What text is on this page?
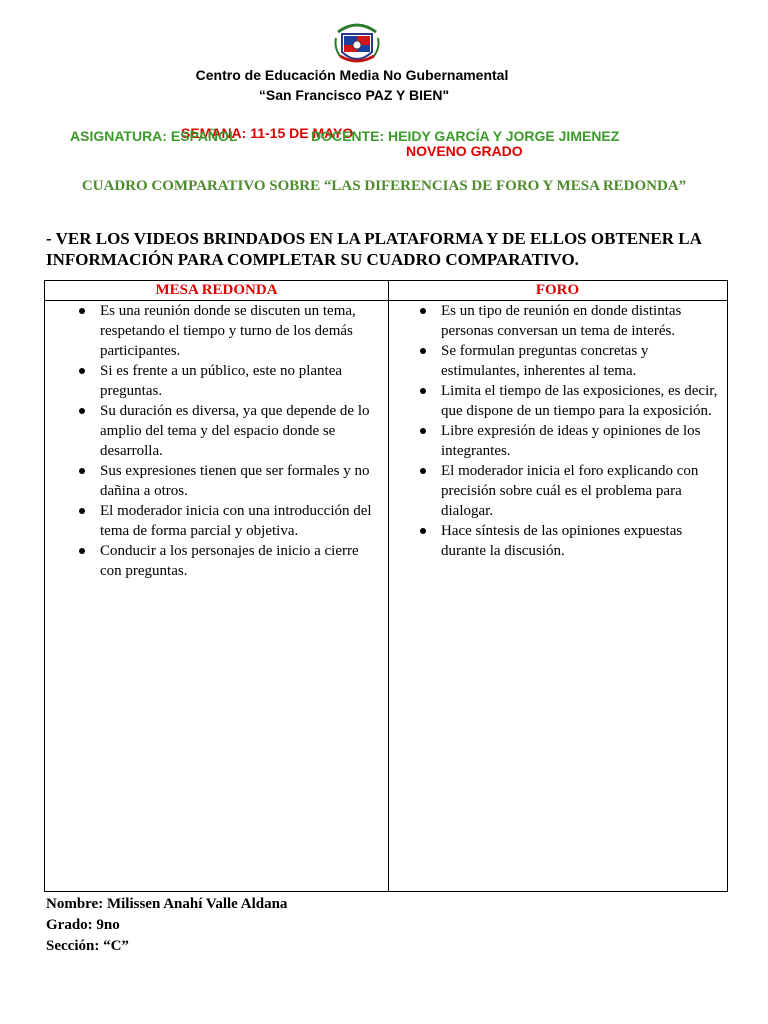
Centro de Educación Media No Gubernamental

“San Francisco PAZ Y BIEN"

SEMANA: 11-15 DE MAYO

NOVENO GRADO

ASIGNATURA: ESPAÑOL	DOCENTE: HEIDY GARCÍA Y JORGE JIMENEZ

CUADRO COMPARATIVO SOBRE “LAS DIFERENCIAS DE FORO Y MESA REDONDA”

- VER LOS VIDEOS BRINDADOS EN LA PLATAFORMA Y DE ELLOS OBTENER LA INFORMACIÓN PARA COMPLETAR SU CUADRO COMPARATIVO.

MESA REDONDA
Es una reunión donde se discuten un tema, respetando el tiempo y turno de los demás participantes.
Si es frente a un público, este no plantea preguntas.
Su duración es diversa, ya que depende de lo amplio del tema y del espacio donde se desarrolla.
Sus expresiones tienen que ser formales y no dañina a otros.
El moderador inicia con una introducción del tema de forma parcial y objetiva.
Conducir a los personajes de inicio a cierre con preguntas.
FORO
Es un tipo de reunión en donde distintas personas conversan un tema de interés.
Se formulan preguntas concretas y estimulantes, inherentes al tema.
Limita el tiempo de las exposiciones, es decir, que dispone de un tiempo para la exposición.
Libre expresión de ideas y opiniones de los integrantes.
El moderador inicia el foro explicando con precisión sobre cuál es el problema para dialogar.
Hace síntesis de las opiniones expuestas durante la discusión.

Nombre: Milissen Anahí Valle Aldana

Grado: 9no

Sección: “C”
